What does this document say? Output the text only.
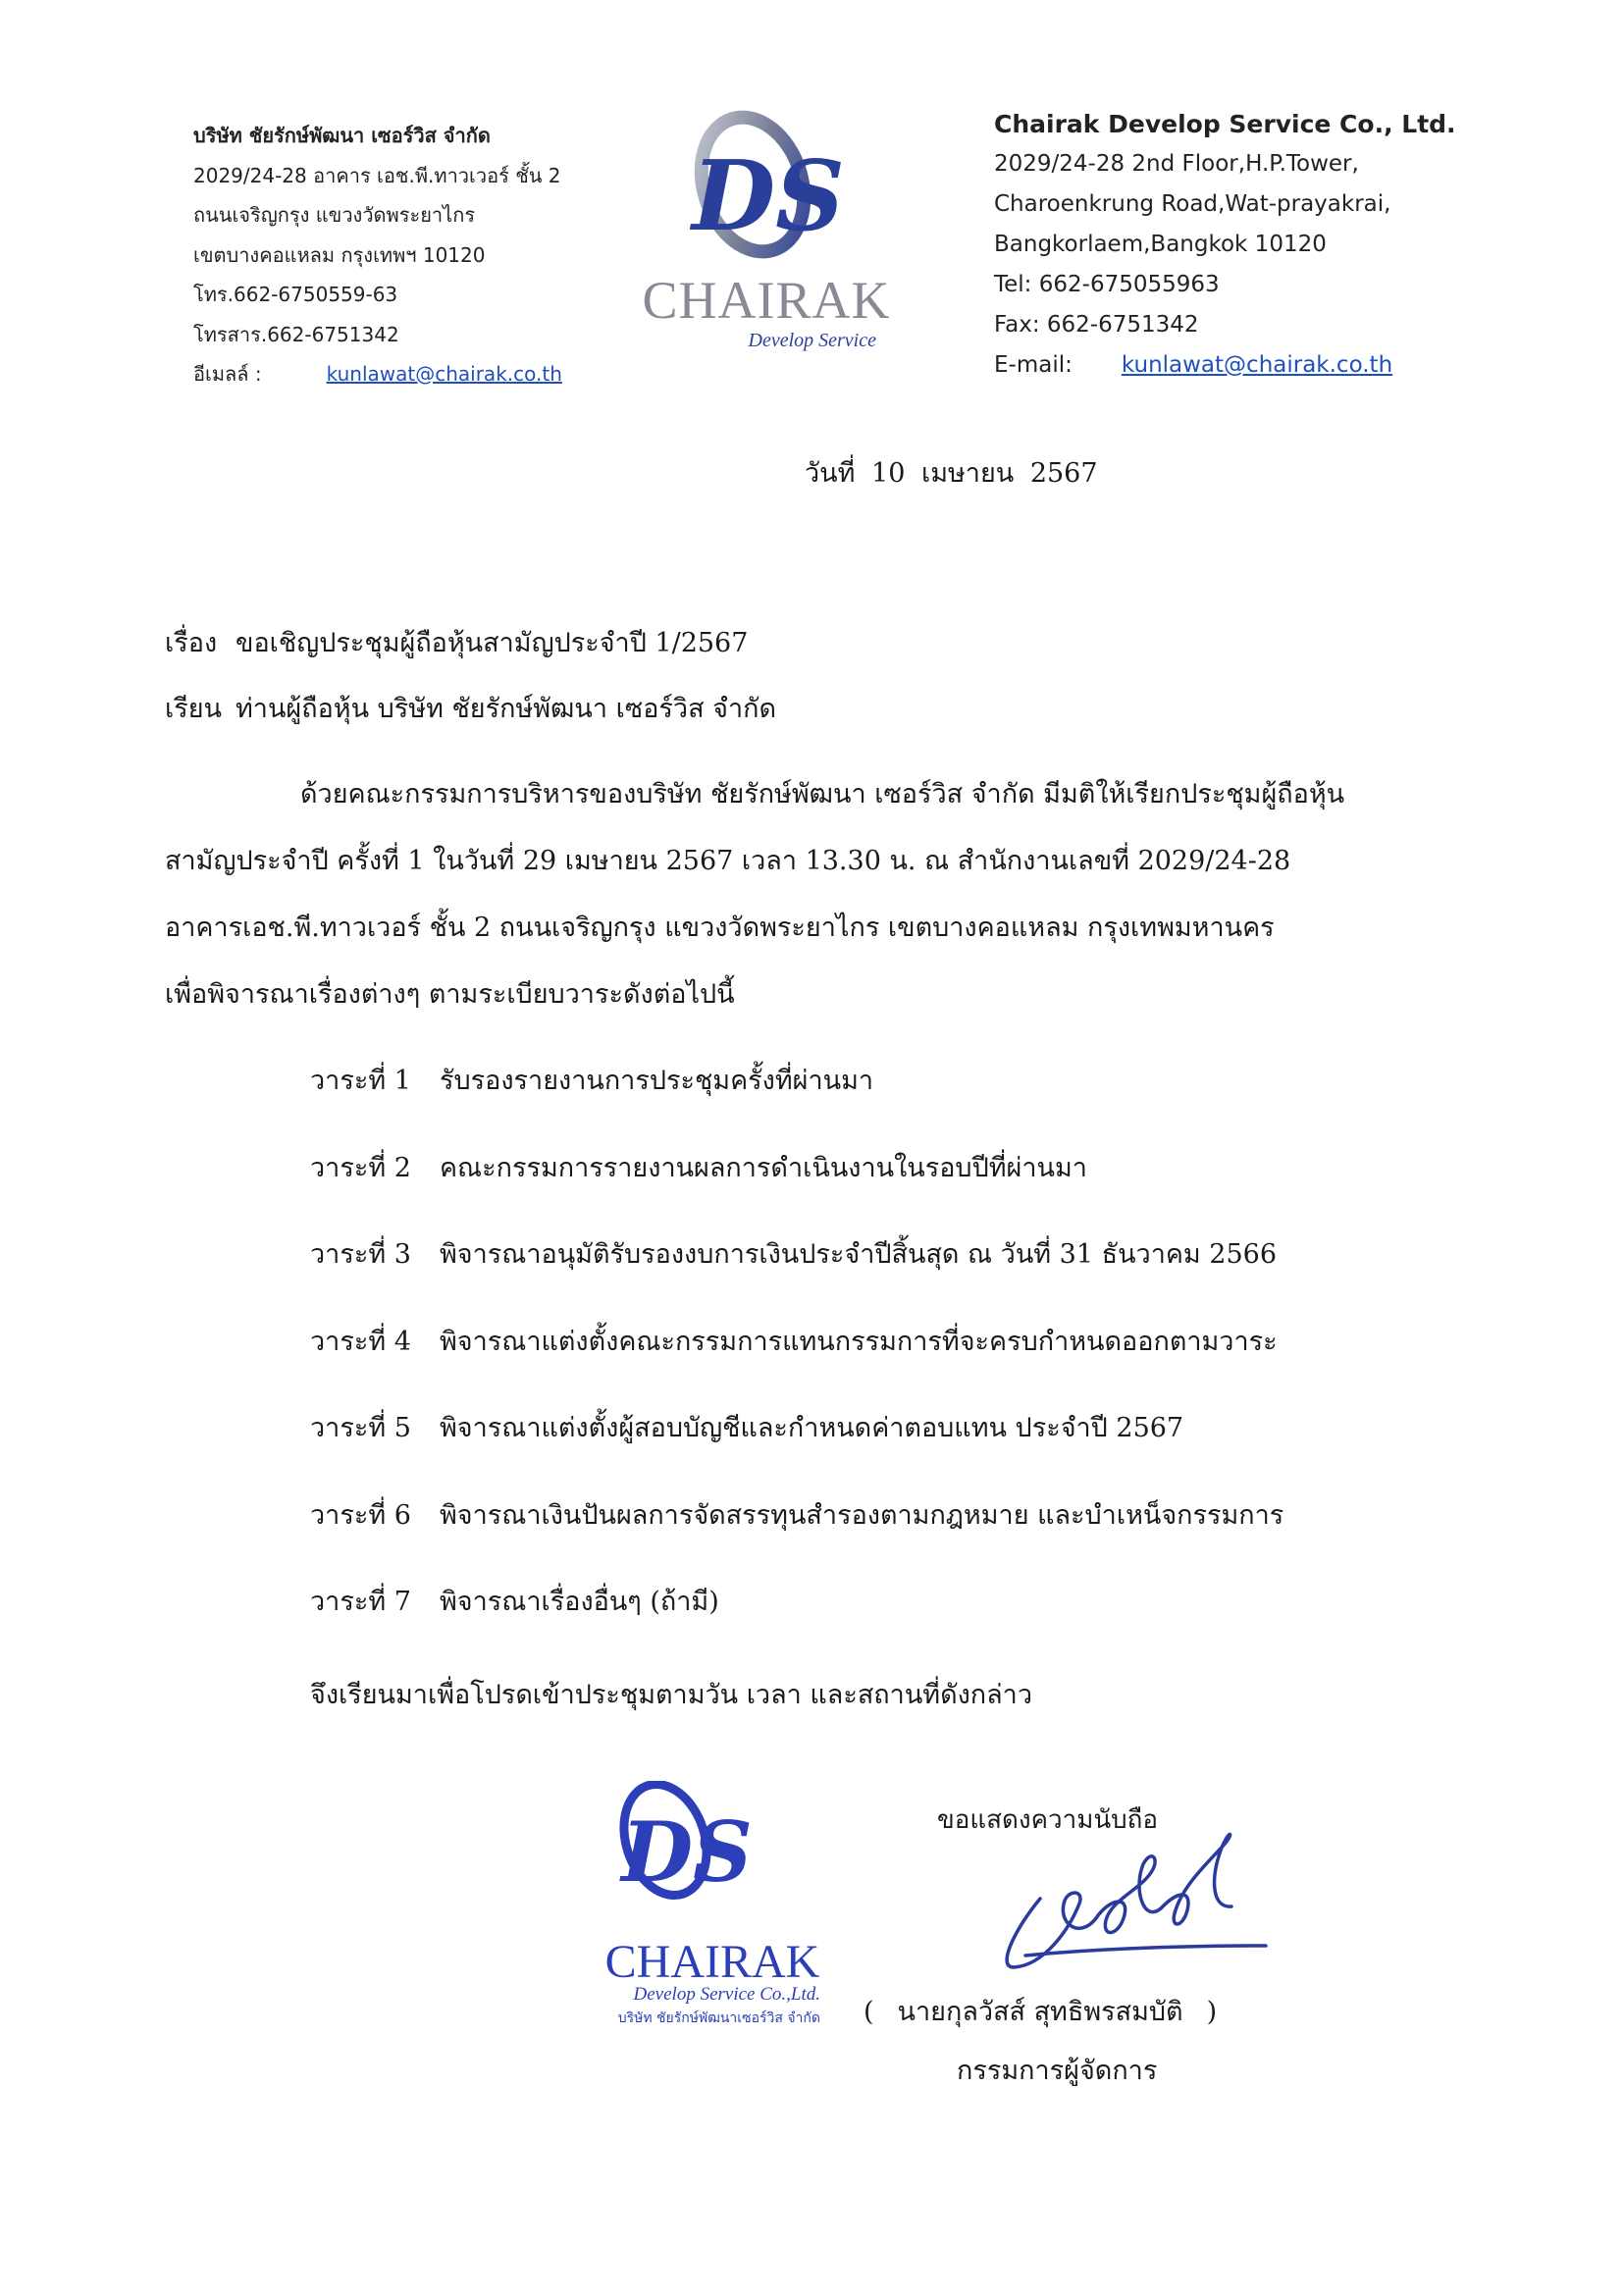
บริษัท ชัยรักษ์พัฒนา เซอร์วิส จำกัด
2029/24-28 อาคาร เอช.พี.ทาวเวอร์ ชั้น 2
ถนนเจริญกรุง แขวงวัดพระยาไกร
เขตบางคอแหลม กรุงเทพฯ 10120
โทร.662-6750559-63
โทรสาร.662-6751342
อีเมลล์ :	kunlawat@chairak.co.th
DS
CHAIRAK
Develop Service
Chairak Develop Service Co., Ltd.
2029/24-28 2nd Floor,H.P.Tower,
Charoenkrung Road,Wat-prayakrai,
Bangkorlaem,Bangkok 10120
Tel: 662-675055963
Fax: 662-6751342
E-mail: kunlawat@chairak.co.th
วันที่ 10 เมษายน 2567
เรื่อง ขอเชิญประชุมผู้ถือหุ้นสามัญประจำปี 1/2567
เรียน ท่านผู้ถือหุ้น บริษัท ชัยรักษ์พัฒนา เซอร์วิส จำกัด
ด้วยคณะกรรมการบริหารของบริษัท ชัยรักษ์พัฒนา เซอร์วิส จำกัด มีมติให้เรียกประชุมผู้ถือหุ้น
สามัญประจำปี ครั้งที่ 1 ในวันที่ 29 เมษายน 2567 เวลา 13.30 น. ณ สำนักงานเลขที่ 2029/24-28
อาคารเอช.พี.ทาวเวอร์ ชั้น 2 ถนนเจริญกรุง แขวงวัดพระยาไกร เขตบางคอแหลม กรุงเทพมหานคร
เพื่อพิจารณาเรื่องต่างๆ ตามระเบียบวาระดังต่อไปนี้
วาระที่ 1 รับรองรายงานการประชุมครั้งที่ผ่านมา
วาระที่ 2 คณะกรรมการรายงานผลการดำเนินงานในรอบปีที่ผ่านมา
วาระที่ 3 พิจารณาอนุมัติรับรองงบการเงินประจำปีสิ้นสุด ณ วันที่ 31 ธันวาคม 2566
วาระที่ 4 พิจารณาแต่งตั้งคณะกรรมการแทนกรรมการที่จะครบกำหนดออกตามวาระ
วาระที่ 5 พิจารณาแต่งตั้งผู้สอบบัญชีและกำหนดค่าตอบแทน ประจำปี 2567
วาระที่ 6 พิจารณาเงินปันผลการจัดสรรทุนสำรองตามกฎหมาย และบำเหน็จกรรมการ
วาระที่ 7 พิจารณาเรื่องอื่นๆ (ถ้ามี)
จึงเรียนมาเพื่อโปรดเข้าประชุมตามวัน เวลา และสถานที่ดังกล่าว
ขอแสดงความนับถือ
DS
CHAIRAK
Develop Service Co.,Ltd.
บริษัท ชัยรักษ์พัฒนาเซอร์วิส จำกัด ( นายกุลวัสส์ สุทธิพรสมบัติ )
กรรมการผู้จัดการ
